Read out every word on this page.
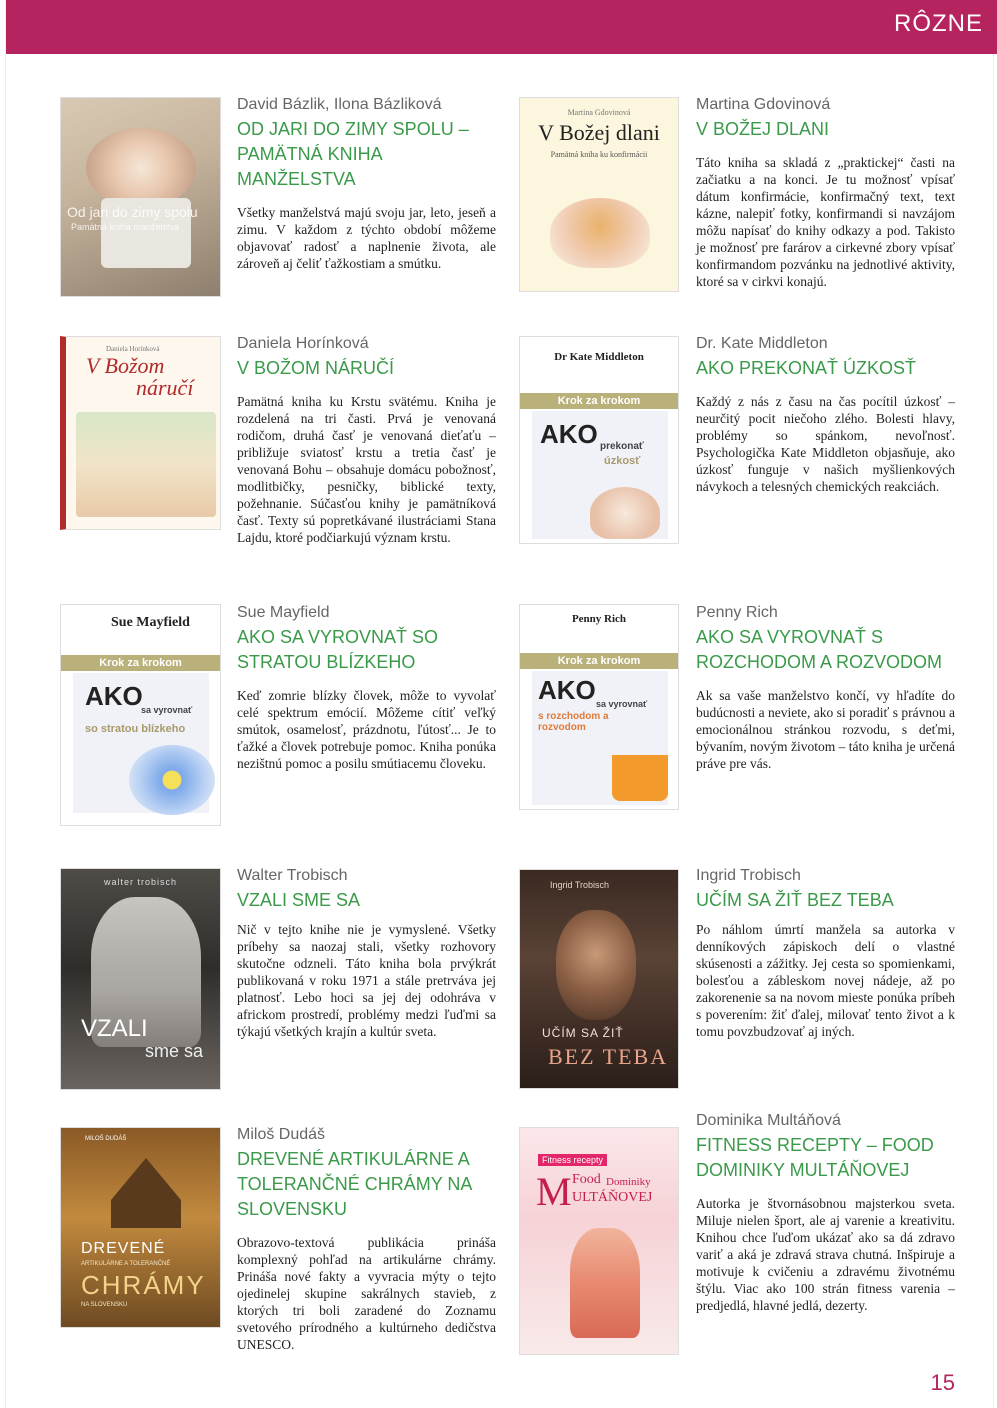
RÔZNE
Od jari do zimy spolu
Pamätná kniha manželstva

David Bázlik, Ilona Bázliková

OD JARI DO ZIMY SPOLU – PAMÄTNÁ KNIHA MANŽELSTVA

Všetky manželstvá majú svoju jar, leto, jeseň a zimu. V každom z týchto období môžeme objavovať radosť a naplnenie života, ale zároveň aj čeliť ťažkostiam a smútku.

Martina Gdovinová
V Božej dlani
Pamätná kniha ku konfirmácii

Martina Gdovinová

V BOŽEJ DLANI

Táto kniha sa skladá z „praktickej“ časti na začiatku a na konci. Je tu možnosť vpísať dátum konfirmácie, konfirmačný text, text kázne, nalepiť fotky, konfirmandi si navzájom môžu napísať do knihy odkazy a pod. Takisto je možnosť pre farárov a cirkevné zbory vpísať konfirmandom pozvánku na jednotlivé aktivity, ktoré sa v cirkvi konajú.

Daniela Horínková
V Božom
náručí

Daniela Horínková

V BOŽOM NÁRUČÍ

Pamätná kniha ku Krstu svätému. Kniha je rozdelená na tri časti. Prvá je venovaná rodičom, druhá časť je venovaná dieťaťu – približuje sviatosť krstu a tretia časť je venovaná Bohu – obsahuje domácu pobožnosť, modlitbičky, pesničky, biblické texty, požehnanie. Súčasťou knihy je pamätníková časť. Texty sú popretkávané ilustráciami Stana Lajdu, ktoré podčiarkujú význam krstu.

Dr Kate Middleton
Krok za krokom
AKO prekonať
úzkosť

Dr. Kate Middleton

AKO PREKONAŤ ÚZKOSŤ

Každý z nás z času na čas pocítil úzkosť – neurčitý pocit niečoho zlého. Bolesti hlavy, problémy so spánkom, nevoľnosť. Psychologička Kate Middleton objasňuje, ako úzkosť funguje v našich myšlienkových návykoch a telesných chemických reakciách.

Sue Mayfield
Krok za krokom
AKO
sa vyrovnať
so stratou blízkeho

Sue Mayfield

AKO SA VYROVNAŤ SO STRATOU BLÍZKEHO

Keď zomrie blízky človek, môže to vyvolať celé spektrum emócií. Môžeme cítiť veľký smútok, osamelosť, prázdnotu, ľútosť... Je to ťažké a človek potrebuje pomoc. Kniha ponúka nezištnú pomoc a posilu smútiacemu človeku.

Penny Rich
Krok za krokom
AKO sa vyrovnať
s rozchodom a rozvodom

Penny Rich

AKO SA VYROVNAŤ S ROZCHODOM A ROZVODOM

Ak sa vaše manželstvo končí, vy hľadíte do budúcnosti a neviete, ako si poradiť s právnou a emocionálnou stránkou rozvodu, s deťmi, bývaním, novým životom – táto kniha je určená práve pre vás.

walter trobisch
VZALI
sme sa

Walter Trobisch

VZALI SME SA

Nič v tejto knihe nie je vymyslené. Všetky príbehy sa naozaj stali, všetky rozhovory skutočne odzneli. Táto kniha bola prvýkrát publikovaná v roku 1971 a stále pretrváva jej platnosť. Lebo hoci sa jej dej odohráva v africkom prostredí, problémy medzi ľuďmi sa týkajú všetkých krajín a kultúr sveta.

Ingrid Trobisch
UČÍM SA ŽIŤ
BEZ TEBA

Ingrid Trobisch

UČÍM SA ŽIŤ BEZ TEBA

Po náhlom úmrtí manžela sa autorka v denníkových zápiskoch delí o vlastné skúsenosti a zážitky. Jej cesta so spomienkami, bolesťou a zábleskom novej nádeje, až po zakorenenie sa na novom mieste ponúka príbeh s poverením: žiť ďalej, milovať tento život a k tomu povzbudzovať aj iných.

MILOŠ DUDÁŠ
DREVENÉ
ARTIKULÁRNE A TOLERANČNÉ
CHRÁMY
NA SLOVENSKU

Miloš Dudáš

DREVENÉ ARTIKULÁRNE A TOLERANČNÉ CHRÁMY NA SLOVENSKU

Obrazovo-textová publikácia prináša komplexný pohľad na artikulárne chrámy. Prináša nové fakty a vyvracia mýty o tejto ojedinelej skupine sakrálnych stavieb, z ktorých tri boli zaradené do Zoznamu svetového prírodného a kultúrneho dedičstva UNESCO.

Fitness recepty
M Food Dominiky
ULTÁŇOVEJ

Dominika Multáňová

FITNESS RECEPTY – FOOD DOMINIKY MULTÁŇOVEJ

Autorka je štvornásobnou majsterkou sveta. Miluje nielen šport, ale aj varenie a kreativitu. Knihou chce ľuďom ukázať ako sa dá zdravo variť a aká je zdravá strava chutná. Inšpiruje a motivuje k cvičeniu a zdravému životnému štýlu. Viac ako 100 strán fitness varenia – predjedlá, hlavné jedlá, dezerty.

15
